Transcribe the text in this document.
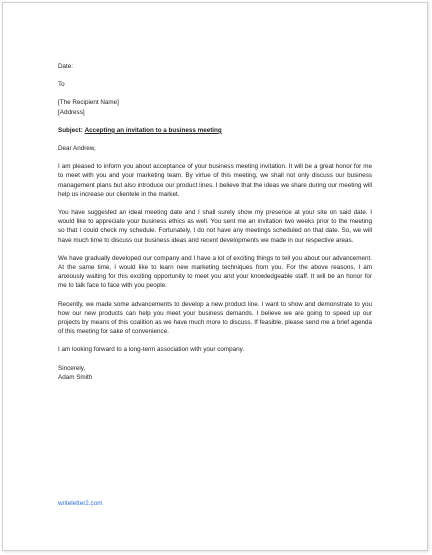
Date:

To

[The Recipient Name]

[Address]

Subject: Accepting an invitation to a business meeting

Dear Andrew,

I am pleased to inform you about acceptance of your business meeting invitation. It will be a great honor for me to meet with you and your marketing team. By virtue of this meeting, we shall not only discuss our business management plans but also introduce our product lines. I believe that the ideas we share during our meeting will help us increase our clientele in the market.

You have suggested an ideal meeting date and I shall surely show my presence at your site on said date. I would like to appreciate your business ethics as well. You sent me an invitation two weeks prior to the meeting so that I could check my schedule. Fortunately, I do not have any meetings scheduled on that date. So, we will have much time to discuss our business ideas and recent developments we made in our respective areas.

We have gradually developed our company and I have a lot of exciting things to tell you about our advancement. At the same time, I would like to learn new marketing techniques from you. For the above reasons, I am anxiously waiting for this exciting opportunity to meet you and your knowledgeable staff. It will be an honor for me to talk face to face with you people.

Recently, we made some advancements to develop a new product line. I want to show and demonstrate to you how our new products can help you meet your business demands. I believe we are going to speed up our projects by means of this coalition as we have much more to discuss. If feasible, please send me a brief agenda of this meeting for sake of convenience.

I am looking forward to a long-term association with your company.

Sincerely,

Adam Smith

writeletter2.com
